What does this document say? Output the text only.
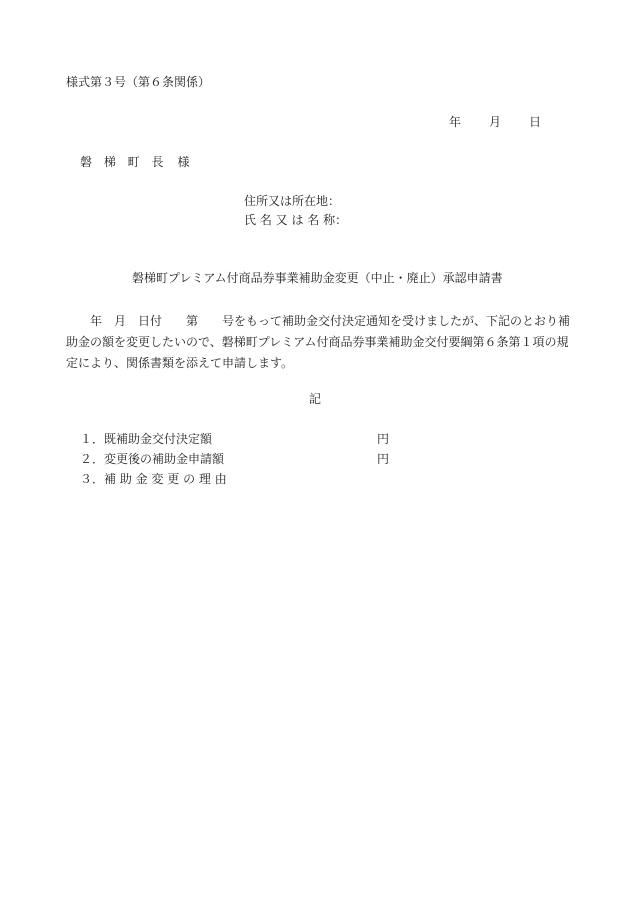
様式第３号（第６条関係）
年 月 日
磐 梯 町 長 様
住所又は所在地：
氏 名 又 は 名 称：
磐梯町プレミアム付商品券事業補助金変更（中止・廃止）承認申請書
　　年　月　日付　　第　　号をもって補助金交付決定通知を受けましたが、下記のとおり補
助金の額を変更したいので、磐梯町プレミアム付商品券事業補助金交付要綱第６条第１項の規
定により、関係書類を添えて申請します。
記
１．既補助金交付決定額	円
２．変更後の補助金申請額	円
３．補 助 金 変 更 の 理 由
